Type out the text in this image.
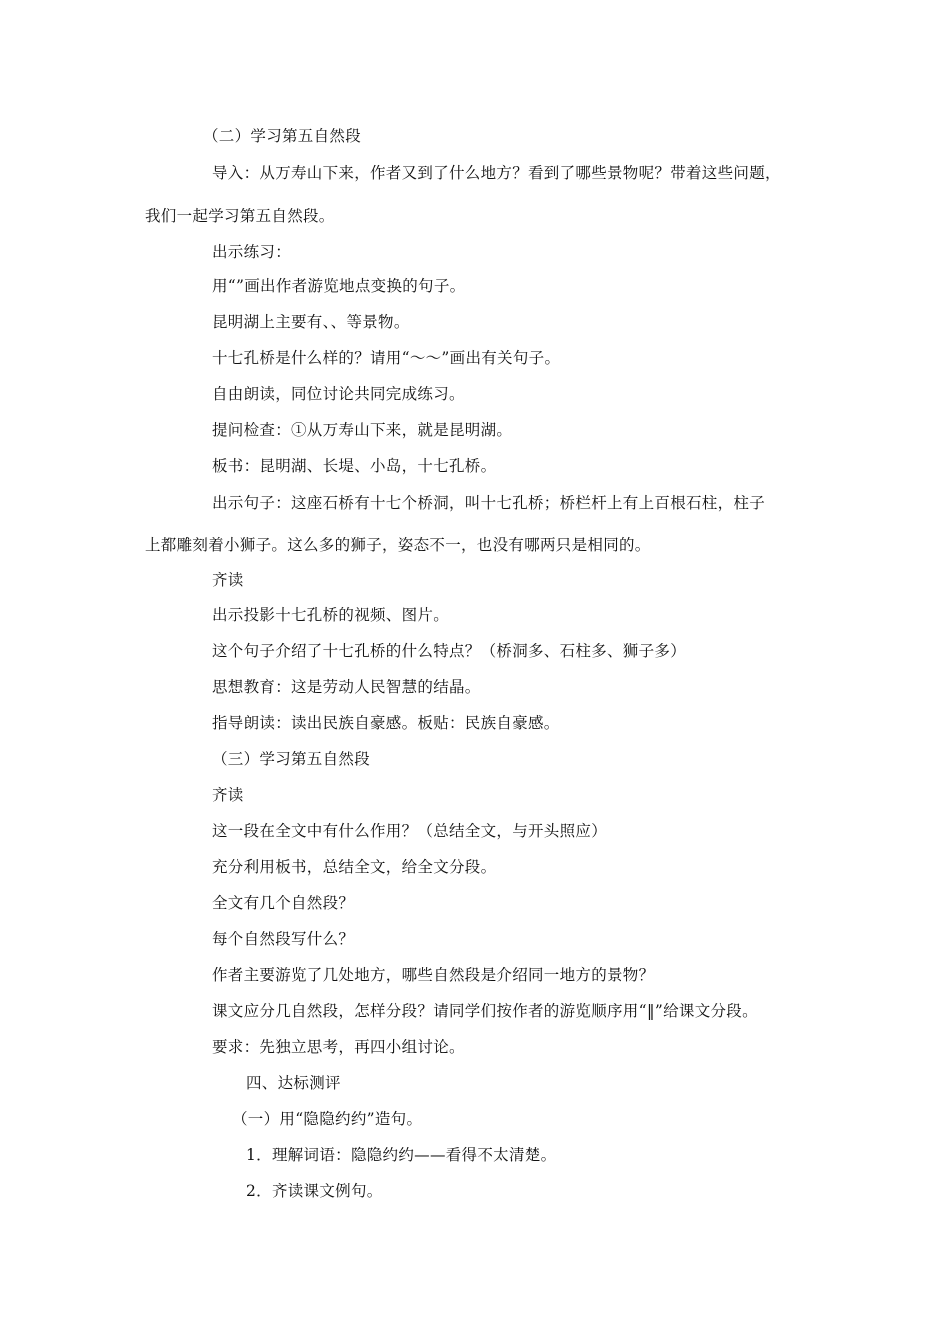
（二）学习第五自然段
导入：从万寿山下来，作者又到了什么地方？看到了哪些景物呢？带着这些问题，
我们一起学习第五自然段。
出示练习：
用“”画出作者游览地点变换的句子。
昆明湖上主要有、、等景物。
十七孔桥是什么样的？请用“～～”画出有关句子。
自由朗读，同位讨论共同完成练习。
提问检查：①从万寿山下来，就是昆明湖。
板书：昆明湖、长堤、小岛，十七孔桥。
出示句子：这座石桥有十七个桥洞，叫十七孔桥；桥栏杆上有上百根石柱，柱子
上都雕刻着小狮子。这么多的狮子，姿态不一，也没有哪两只是相同的。
齐读
出示投影十七孔桥的视频、图片。
这个句子介绍了十七孔桥的什么特点？（桥洞多、石柱多、狮子多）
思想教育：这是劳动人民智慧的结晶。
指导朗读：读出民族自豪感。板贴：民族自豪感。
（三）学习第五自然段
齐读
这一段在全文中有什么作用？（总结全文，与开头照应）
充分利用板书，总结全文，给全文分段。
全文有几个自然段？
每个自然段写什么？
作者主要游览了几处地方，哪些自然段是介绍同一地方的景物？
课文应分几自然段，怎样分段？请同学们按作者的游览顺序用“‖”给课文分段。
要求：先独立思考，再四小组讨论。
四、达标测评
（一）用“隐隐约约”造句。
1．理解词语：隐隐约约——看得不太清楚。
2．齐读课文例句。
